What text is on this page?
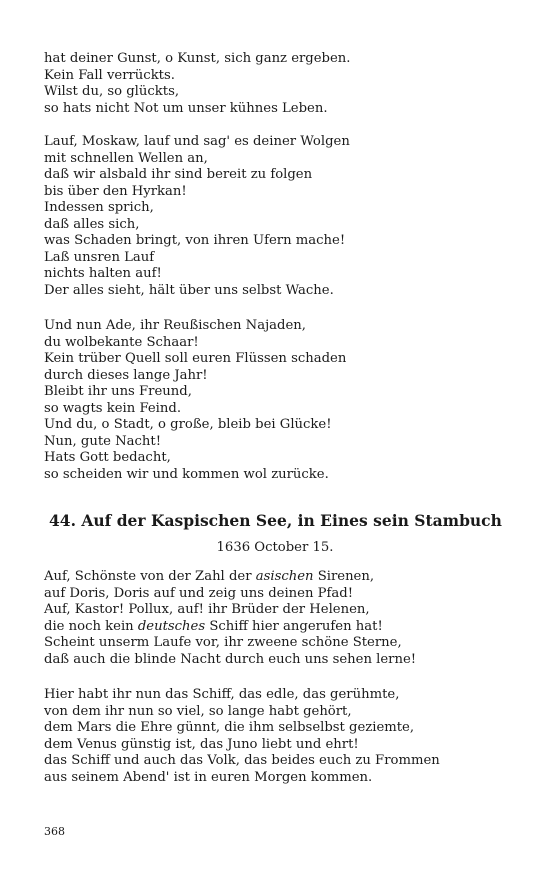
hat deiner Gunst, o Kunst, sich ganz ergeben.
Kein Fall verrückts.
Wilst du, so glückts,
so hats nicht Not um unser kühnes Leben.
Lauf, Moskaw, lauf und sag' es deiner Wolgen
mit schnellen Wellen an,
daß wir alsbald ihr sind bereit zu folgen
bis über den Hyrkan!
Indessen sprich,
daß alles sich,
was Schaden bringt, von ihren Ufern mache!
Laß unsren Lauf
nichts halten auf!
Der alles sieht, hält über uns selbst Wache.
Und nun Ade, ihr Reußischen Najaden,
du wolbekante Schaar!
Kein trüber Quell soll euren Flüssen schaden
durch dieses lange Jahr!
Bleibt ihr uns Freund,
so wagts kein Feind.
Und du, o Stadt, o große, bleib bei Glücke!
Nun, gute Nacht!
Hats Gott bedacht,
so scheiden wir und kommen wol zurücke.
44. Auf der Kaspischen See, in Eines sein Stambuch
1636 October 15.
Auf, Schönste von der Zahl der asischen Sirenen,
auf Doris, Doris auf und zeig uns deinen Pfad!
Auf, Kastor! Pollux, auf! ihr Brüder der Helenen,
die noch kein deutsches Schiff hier angerufen hat!
Scheint unserm Laufe vor, ihr zweene schöne Sterne,
daß auch die blinde Nacht durch euch uns sehen lerne!
Hier habt ihr nun das Schiff, das edle, das gerühmte,
von dem ihr nun so viel, so lange habt gehört,
dem Mars die Ehre günnt, die ihm selbselbst geziemte,
dem Venus günstig ist, das Juno liebt und ehrt!
das Schiff und auch das Volk, das beides euch zu Frommen
aus seinem Abend' ist in euren Morgen kommen.
368
